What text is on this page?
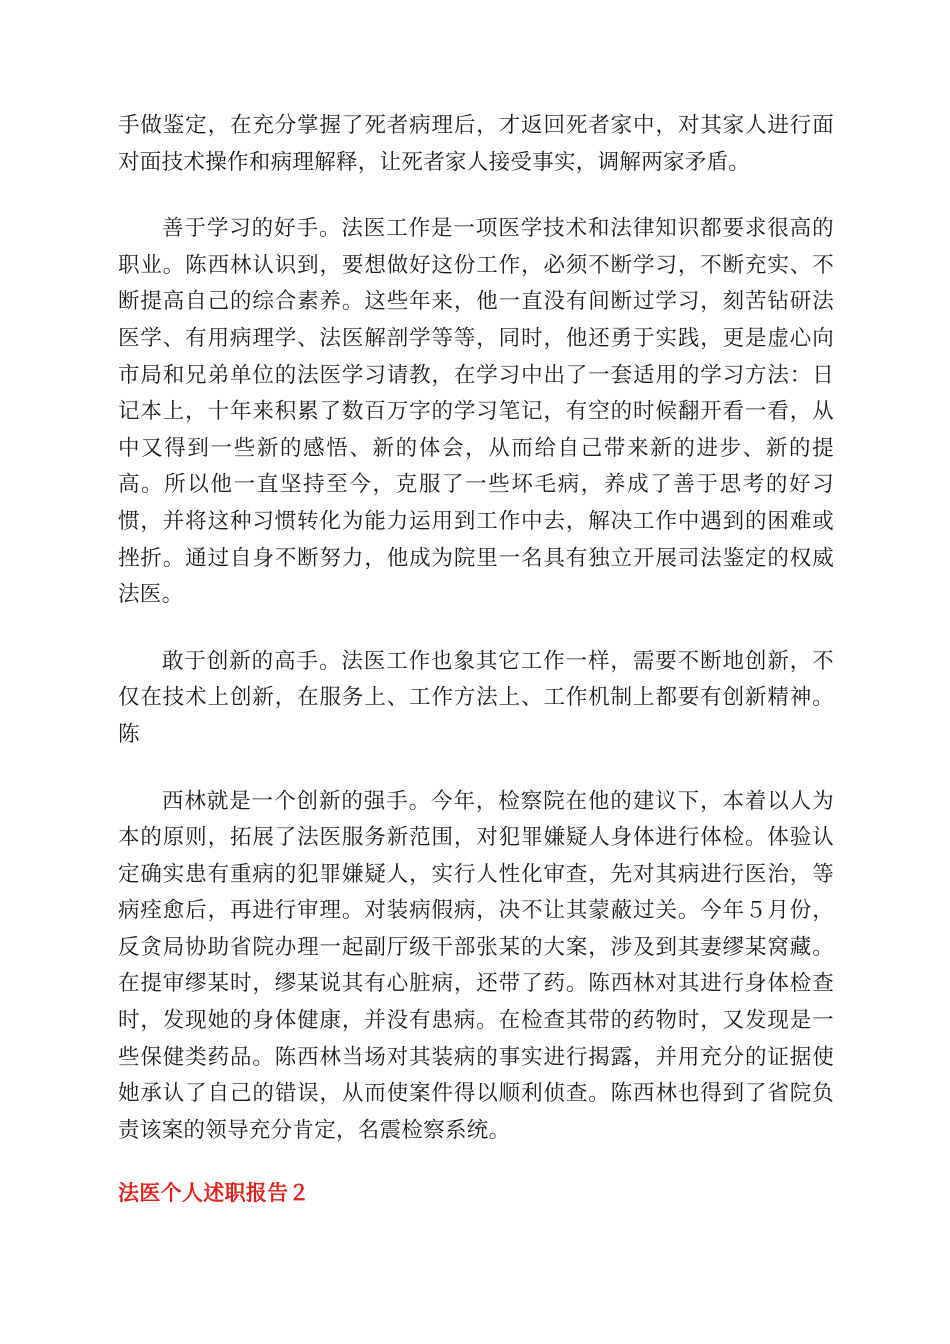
手做鉴定，在充分掌握了死者病理后，才返回死者家中，对其家人进行面对面技术操作和病理解释，让死者家人接受事实，调解两家矛盾。

善于学习的好手。法医工作是一项医学技术和法律知识都要求很高的职业。陈西林认识到，要想做好这份工作，必须不断学习，不断充实、不断提高自己的综合素养。这些年来，他一直没有间断过学习，刻苦钻研法医学、有用病理学、法医解剖学等等，同时，他还勇于实践，更是虚心向市局和兄弟单位的法医学习请教，在学习中出了一套适用的学习方法：日记本上，十年来积累了数百万字的学习笔记，有空的时候翻开看一看，从中又得到一些新的感悟、新的体会，从而给自己带来新的进步、新的提高。所以他一直坚持至今，克服了一些坏毛病，养成了善于思考的好习惯，并将这种习惯转化为能力运用到工作中去，解决工作中遇到的困难或挫折。通过自身不断努力，他成为院里一名具有独立开展司法鉴定的权威法医。

敢于创新的高手。法医工作也象其它工作一样，需要不断地创新，不仅在技术上创新，在服务上、工作方法上、工作机制上都要有创新精神。陈

西林就是一个创新的强手。今年，检察院在他的建议下，本着以人为本的原则，拓展了法医服务新范围，对犯罪嫌疑人身体进行体检。体验认定确实患有重病的犯罪嫌疑人，实行人性化审查，先对其病进行医治，等病痊愈后，再进行审理。对装病假病，决不让其蒙蔽过关。今年５月份，反贪局协助省院办理一起副厅级干部张某的大案，涉及到其妻缪某窝藏。在提审缪某时，缪某说其有心脏病，还带了药。陈西林对其进行身体检查时，发现她的身体健康，并没有患病。在检查其带的药物时，又发现是一些保健类药品。陈西林当场对其装病的事实进行揭露，并用充分的证据使她承认了自己的错误，从而使案件得以顺利侦查。陈西林也得到了省院负责该案的领导充分肯定，名震检察系统。

法医个人述职报告２
